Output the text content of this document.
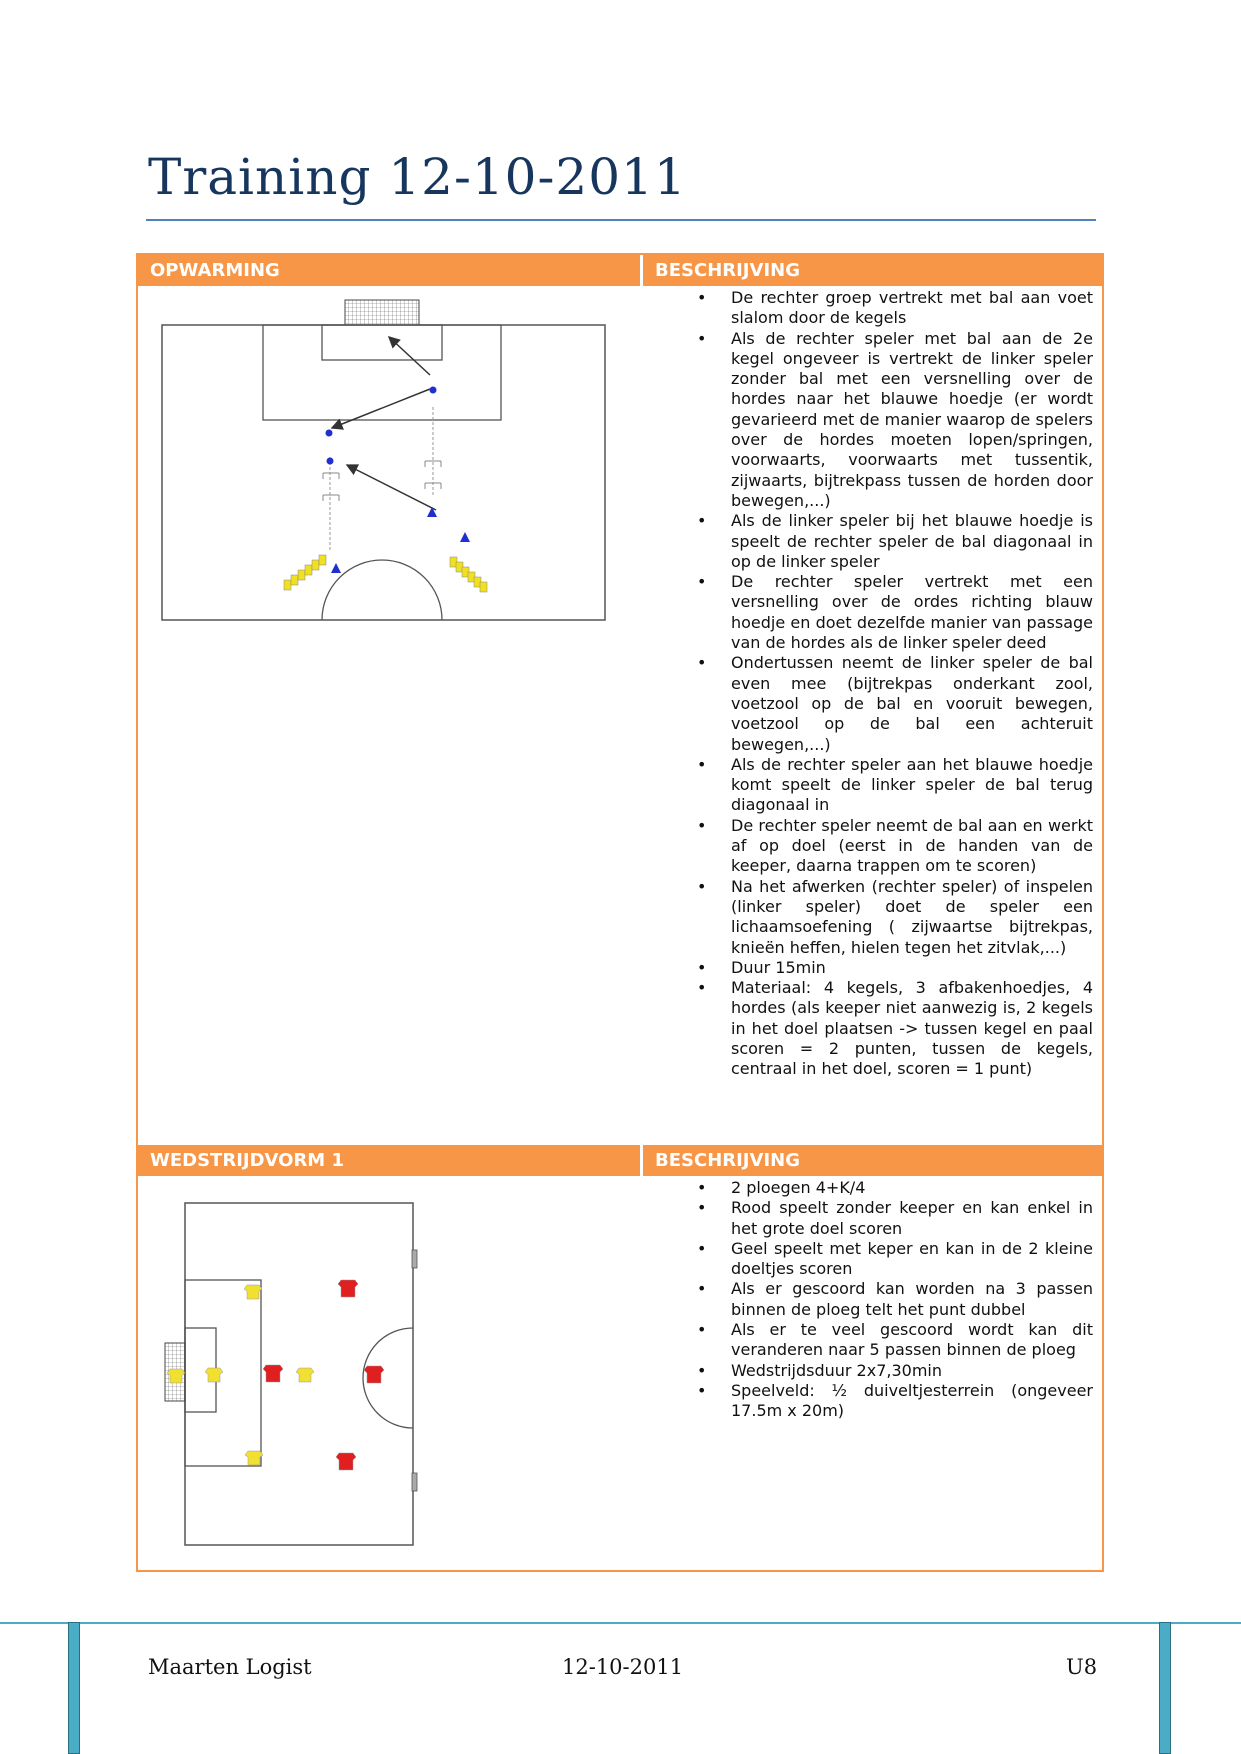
Training 12-10-2011
OPWARMING	BESCHRIJVING
• De rechter groep vertrekt met bal aan voet slalom door de kegels
• Als de rechter speler met bal aan de 2e kegel ongeveer is vertrekt de linker speler zonder bal met een versnelling over de hordes naar het blauwe hoedje (er wordt gevarieerd met de manier waarop de spelers over de hordes moeten lopen/springen, voorwaarts, voorwaarts met tussentik, zijwaarts, bijtrekpass tussen de horden door bewegen,...)
• Als de linker speler bij het blauwe hoedje is speelt de rechter speler de bal diagonaal in op de linker speler
• De rechter speler vertrekt met een versnelling over de ordes richting blauw hoedje en doet dezelfde manier van passage van de hordes als de linker speler deed
• Ondertussen neemt de linker speler de bal even mee (bijtrekpas onderkant zool, voetzool op de bal en vooruit bewegen, voetzool op de bal een achteruit bewegen,...)
• Als de rechter speler aan het blauwe hoedje komt speelt de linker speler de bal terug diagonaal in
• De rechter speler neemt de bal aan en werkt af op doel (eerst in de handen van de keeper, daarna trappen om te scoren)
• Na het afwerken (rechter speler) of inspelen (linker speler) doet de speler een lichaamsoefening ( zijwaartse bijtrekpas, knieën heffen, hielen tegen het zitvlak,...)
• Duur 15min
• Materiaal: 4 kegels, 3 afbakenhoedjes, 4 hordes (als keeper niet aanwezig is, 2 kegels in het doel plaatsen -> tussen kegel en paal scoren = 2 punten, tussen de kegels, centraal in het doel, scoren = 1 punt)
WEDSTRIJDVORM 1	BESCHRIJVING
• 2 ploegen 4+K/4
• Rood speelt zonder keeper en kan enkel in het grote doel scoren
• Geel speelt met keper en kan in de 2 kleine doeltjes scoren
• Als er gescoord kan worden na 3 passen binnen de ploeg telt het punt dubbel
• Als er te veel gescoord wordt kan dit veranderen naar 5 passen binnen de ploeg
• Wedstrijdsduur 2x7,30min
• Speelveld: ½ duiveltjesterrein (ongeveer 17.5m x 20m)
Maarten Logist	12-10-2011	U8
